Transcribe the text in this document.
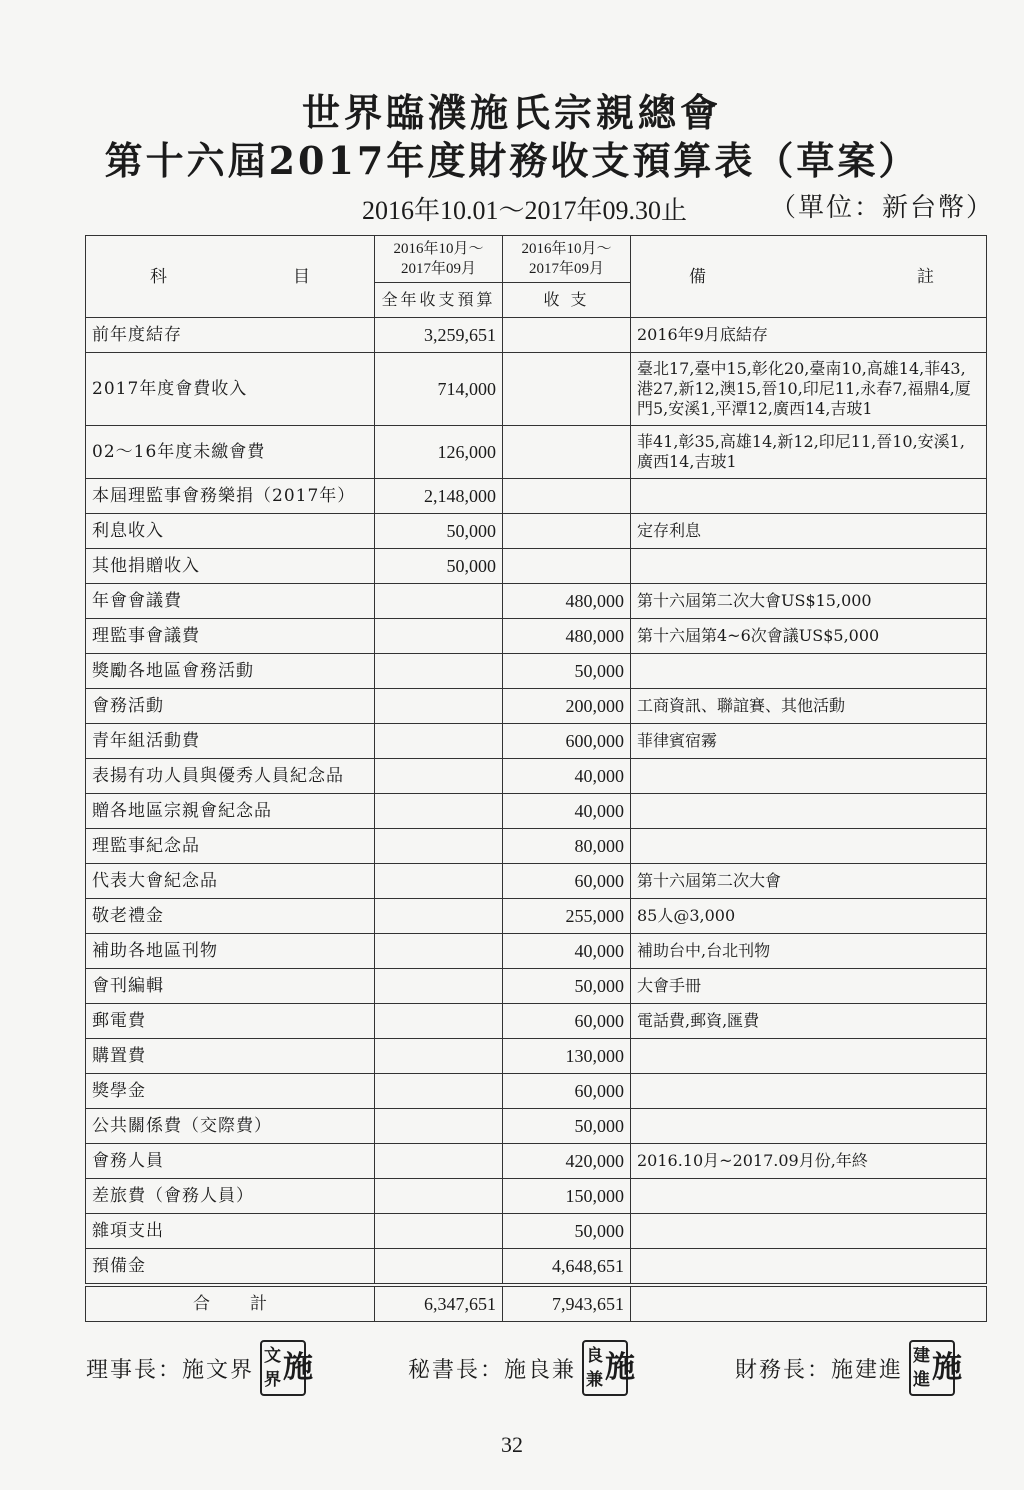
世界臨濮施氏宗親總會
第十六屆2017年度財務收支預算表（草案）
2016年10.01～2017年09.30止	（單位：新台幣）
科 目	2016年10月～2017年09月	2016年10月～2017年09月	備 註

	全年收支預算	收 支	
前年度結存	3,259,651		2016年9月底結存
2017年度會費收入	714,000		臺北17,臺中15,彰化20,臺南10,高雄14,菲43,港27,新12,澳15,晉10,印尼11,永春7,福鼎4,厦門5,安溪1,平潭12,廣西14,吉玻1
02～16年度未繳會費	126,000		菲41,彰35,高雄14,新12,印尼11,晉10,安溪1,廣西14,吉玻1
本屆理監事會務樂捐（2017年）	2,148,000		
利息收入	50,000		定存利息
其他捐贈收入	50,000		
年會會議費		480,000	第十六屆第二次大會US$15,000
理監事會議費		480,000	第十六屆第4~6次會議US$5,000
獎勵各地區會務活動		50,000	
會務活動		200,000	工商資訊、聯誼賽、其他活動
青年組活動費		600,000	菲律賓宿霧
表揚有功人員與優秀人員紀念品		40,000	
贈各地區宗親會紀念品		40,000	
理監事紀念品		80,000	
代表大會紀念品		60,000	第十六屆第二次大會
敬老禮金		255,000	85人@3,000
補助各地區刊物		40,000	補助台中,台北刊物
會刊編輯		50,000	大會手冊
郵電費		60,000	電話費,郵資,匯費
購置費		130,000	
獎學金		60,000	
公共關係費（交際費）		50,000	
會務人員		420,000	2016.10月~2017.09月份,年終
差旅費（會務人員）		150,000	
雜項支出		50,000	
預備金		4,648,651	

合 計	6,347,651	7,943,651	
理事長：施文界
文 施
界	秘書長：施良兼
良 施
兼	財務長：施建進
建 施
進
32
